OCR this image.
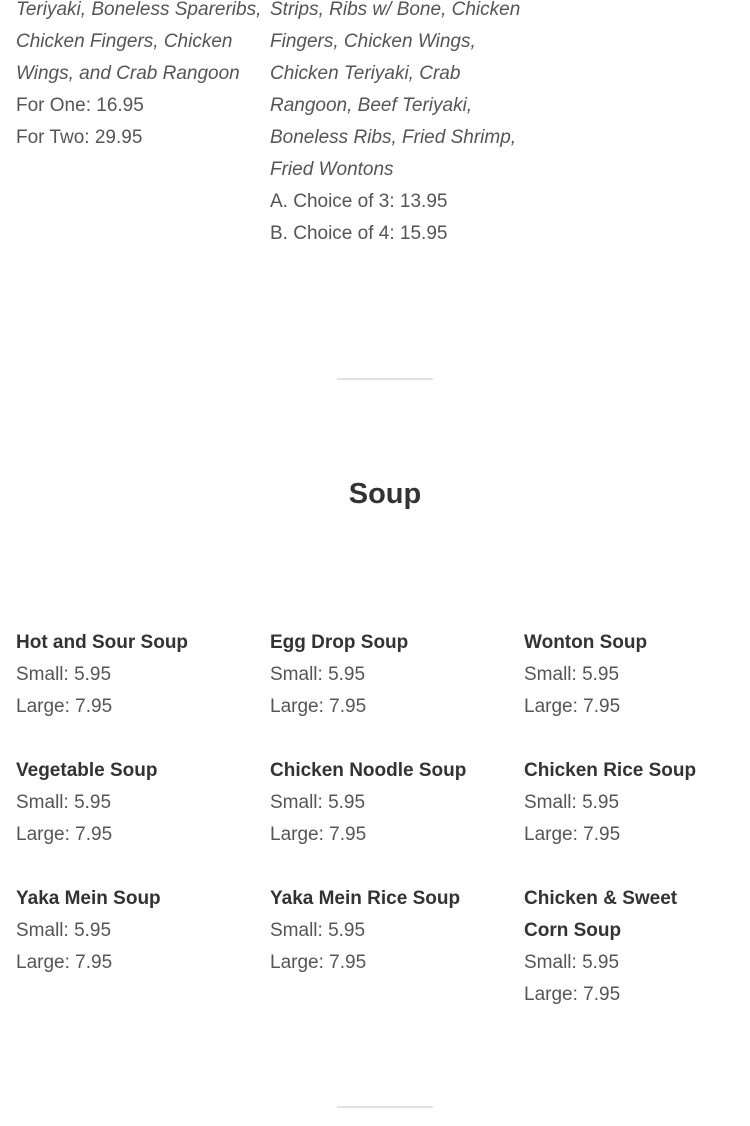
Teriyaki, Boneless Spareribs,
Chicken Fingers, Chicken
Wings, and Crab Rangoon
For One: 16.95
For Two: 29.95
Strips, Ribs w/ Bone, Chicken
Fingers, Chicken Wings,
Chicken Teriyaki, Crab
Rangoon, Beef Teriyaki,
Boneless Ribs, Fried Shrimp,
Fried Wontons
A. Choice of 3: 13.95
B. Choice of 4: 15.95
Soup
Hot and Sour Soup
Small: 5.95
Large: 7.95
Egg Drop Soup
Small: 5.95
Large: 7.95
Wonton Soup
Small: 5.95
Large: 7.95
Vegetable Soup
Small: 5.95
Large: 7.95
Chicken Noodle Soup
Small: 5.95
Large: 7.95
Chicken Rice Soup
Small: 5.95
Large: 7.95
Yaka Mein Soup
Small: 5.95
Large: 7.95
Yaka Mein Rice Soup
Small: 5.95
Large: 7.95
Chicken & Sweet Corn Soup
Small: 5.95
Large: 7.95
